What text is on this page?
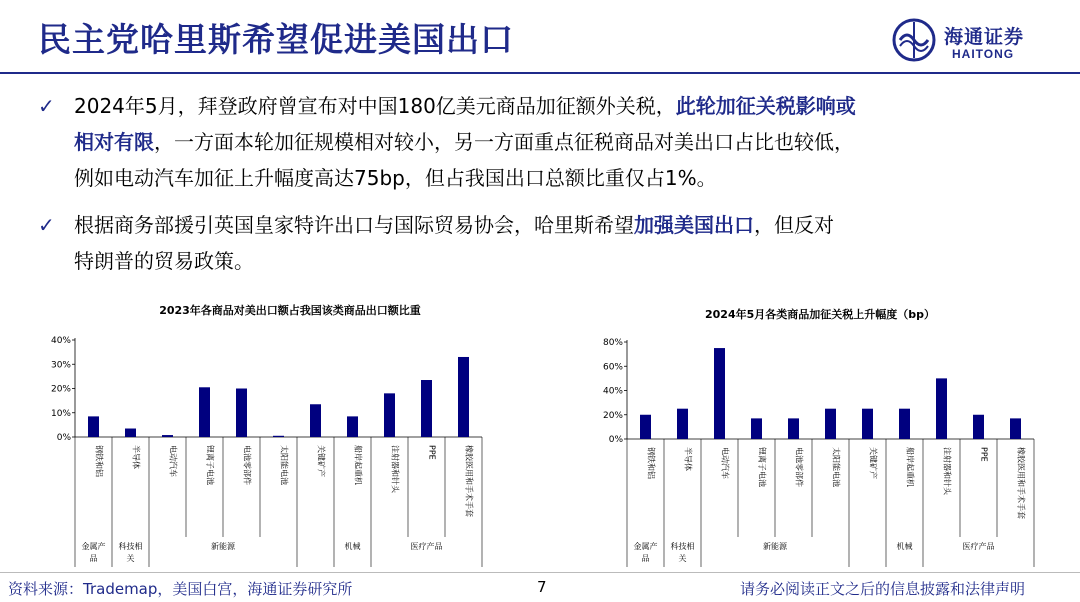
民主党哈里斯希望促进美国出口	海通证券
HAITONG
✓ 2024年5月，拜登政府曾宣布对中国180亿美元商品加征额外关税，此轮加征关税影响或
相对有限，一方面本轮加征规模相对较小，另一方面重点征税商品对美出口占比也较低，
例如电动汽车加征上升幅度高达75bp，但占我国出口总额比重仅占1%。
✓ 根据商务部援引英国皇家特许出口与国际贸易协会，哈里斯希望加强美国出口，但反对
特朗普的贸易政策。
2023年各商品对美出口额占我国该类商品出口额比重
0%
10%
20%
30%
40%
钢铁和铝	半导体	电动汽车	锂离子电池	电池零部件	太阳能电池	关键矿产	船岸起重机	注射器和针头	PPE	橡胶医用和手术手套
金属产
品
科技相
关
新能源	机械	医疗产品
2024年5月各类商品加征关税上升幅度（bp）
0%
20%
40%
60%
80%
钢铁和铝	半导体	电动汽车	锂离子电池	电池零部件	太阳能电池	关键矿产	船岸起重机	注射器和针头	PPE	橡胶医用和手术手套
金属产
品
科技相
关
新能源	机械	医疗产品
资料来源：Trademap，美国白宫，海通证券研究所	7	请务必阅读正文之后的信息披露和法律声明
